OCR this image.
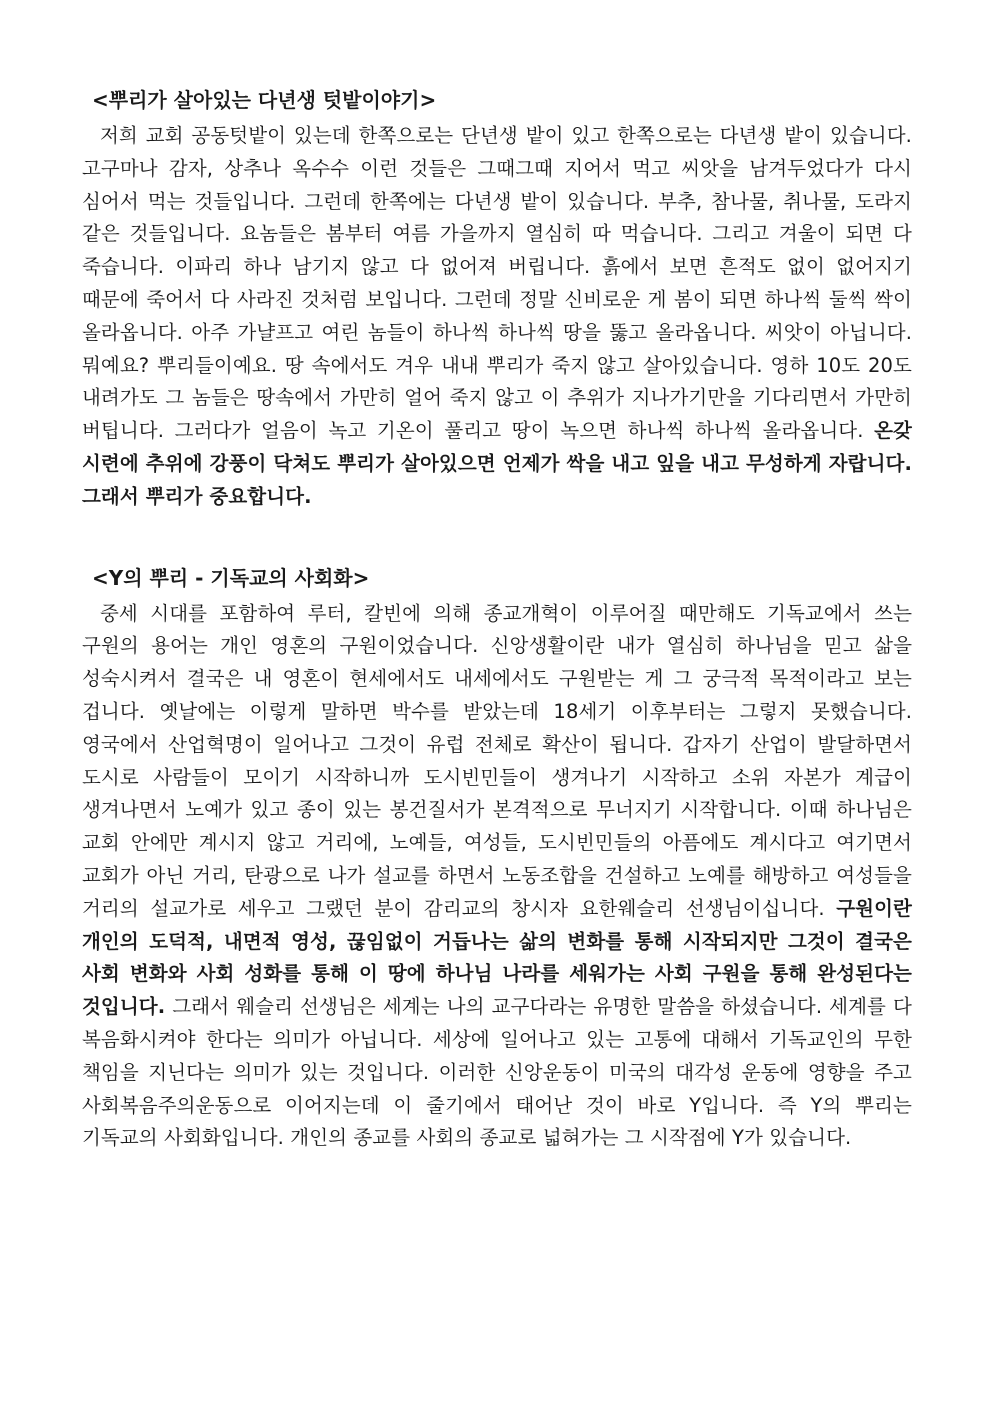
<뿌리가 살아있는 다년생 텃밭이야기>

저희 교회 공동텃밭이 있는데 한쪽으로는 단년생 밭이 있고 한쪽으로는 다년생 밭이 있습니다. 고구마나 감자, 상추나 옥수수 이런 것들은 그때그때 지어서 먹고 씨앗을 남겨두었다가 다시 심어서 먹는 것들입니다. 그런데 한쪽에는 다년생 밭이 있습니다. 부추, 참나물, 취나물, 도라지 같은 것들입니다. 요놈들은 봄부터 여름 가을까지 열심히 따 먹습니다. 그리고 겨울이 되면 다 죽습니다. 이파리 하나 남기지 않고 다 없어져 버립니다. 흙에서 보면 흔적도 없이 없어지기 때문에 죽어서 다 사라진 것처럼 보입니다. 그런데 정말 신비로운 게 봄이 되면 하나씩 둘씩 싹이 올라옵니다. 아주 가냘프고 여린 놈들이 하나씩 하나씩 땅을 뚫고 올라옵니다. 씨앗이 아닙니다. 뭐예요? 뿌리들이예요. 땅 속에서도 겨우 내내 뿌리가 죽지 않고 살아있습니다. 영하 10도 20도 내려가도 그 놈들은 땅속에서 가만히 얼어 죽지 않고 이 추위가 지나가기만을 기다리면서 가만히 버팁니다. 그러다가 얼음이 녹고 기온이 풀리고 땅이 녹으면 하나씩 하나씩 올라옵니다. 온갖 시련에 추위에 강풍이 닥쳐도 뿌리가 살아있으면 언제가 싹을 내고 잎을 내고 무성하게 자랍니다. 그래서 뿌리가 중요합니다.

<Y의 뿌리 - 기독교의 사회화>

중세 시대를 포함하여 루터, 칼빈에 의해 종교개혁이 이루어질 때만해도 기독교에서 쓰는 구원의 용어는 개인 영혼의 구원이었습니다. 신앙생활이란 내가 열심히 하나님을 믿고 삶을 성숙시켜서 결국은 내 영혼이 현세에서도 내세에서도 구원받는 게 그 궁극적 목적이라고 보는 겁니다. 옛날에는 이렇게 말하면 박수를 받았는데 18세기 이후부터는 그렇지 못했습니다. 영국에서 산업혁명이 일어나고 그것이 유럽 전체로 확산이 됩니다. 갑자기 산업이 발달하면서 도시로 사람들이 모이기 시작하니까 도시빈민들이 생겨나기 시작하고 소위 자본가 계급이 생겨나면서 노예가 있고 종이 있는 봉건질서가 본격적으로 무너지기 시작합니다. 이때 하나님은 교회 안에만 계시지 않고 거리에, 노예들, 여성들, 도시빈민들의 아픔에도 계시다고 여기면서 교회가 아닌 거리, 탄광으로 나가 설교를 하면서 노동조합을 건설하고 노예를 해방하고 여성들을 거리의 설교가로 세우고 그랬던 분이 감리교의 창시자 요한웨슬리 선생님이십니다. 구원이란 개인의 도덕적, 내면적 영성, 끊임없이 거듭나는 삶의 변화를 통해 시작되지만 그것이 결국은 사회 변화와 사회 성화를 통해 이 땅에 하나님 나라를 세워가는 사회 구원을 통해 완성된다는 것입니다. 그래서 웨슬리 선생님은 세계는 나의 교구다라는 유명한 말씀을 하셨습니다. 세계를 다 복음화시켜야 한다는 의미가 아닙니다. 세상에 일어나고 있는 고통에 대해서 기독교인의 무한 책임을 지닌다는 의미가 있는 것입니다. 이러한 신앙운동이 미국의 대각성 운동에 영향을 주고 사회복음주의운동으로 이어지는데 이 줄기에서 태어난 것이 바로 Y입니다. 즉 Y의 뿌리는 기독교의 사회화입니다. 개인의 종교를 사회의 종교로 넓혀가는 그 시작점에 Y가 있습니다.
